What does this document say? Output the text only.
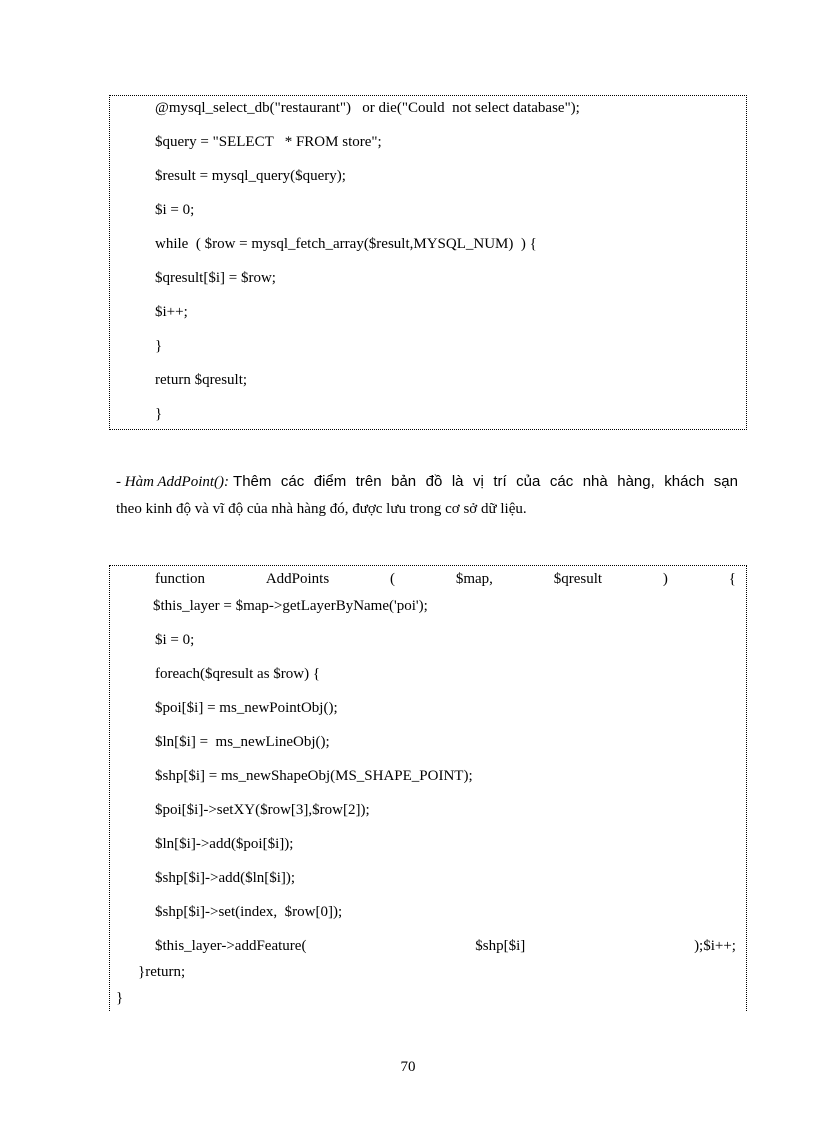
@mysql_select_db("restaurant")   or die("Could  not select database");
$query = "SELECT   * FROM store";
$result = mysql_query($query);
$i = 0;
while  ( $row = mysql_fetch_array($result,MYSQL_NUM)  ) {
$qresult[$i] = $row;
$i++;
}
return $qresult;
}
- Hàm AddPoint(): Thêm các điểm trên bản đồ là vị trí của các nhà hàng, khách sạn
theo kinh độ và vĩ độ của nhà hàng đó, được lưu trong cơ sở dữ liệu.
function	AddPoints	(	$map,	$qresult	)	{
$this_layer = $map->getLayerByName('poi');
$i = 0;
foreach($qresult as $row) {
$poi[$i] = ms_newPointObj();
$ln[$i] =  ms_newLineObj();
$shp[$i] = ms_newShapeObj(MS_SHAPE_POINT);
$poi[$i]->setXY($row[3],$row[2]);
$ln[$i]->add($poi[$i]);
$shp[$i]->add($ln[$i]);
$shp[$i]->set(index,  $row[0]);
$this_layer->addFeature(	$shp[$i]	);$i++;
}return;
}
70
